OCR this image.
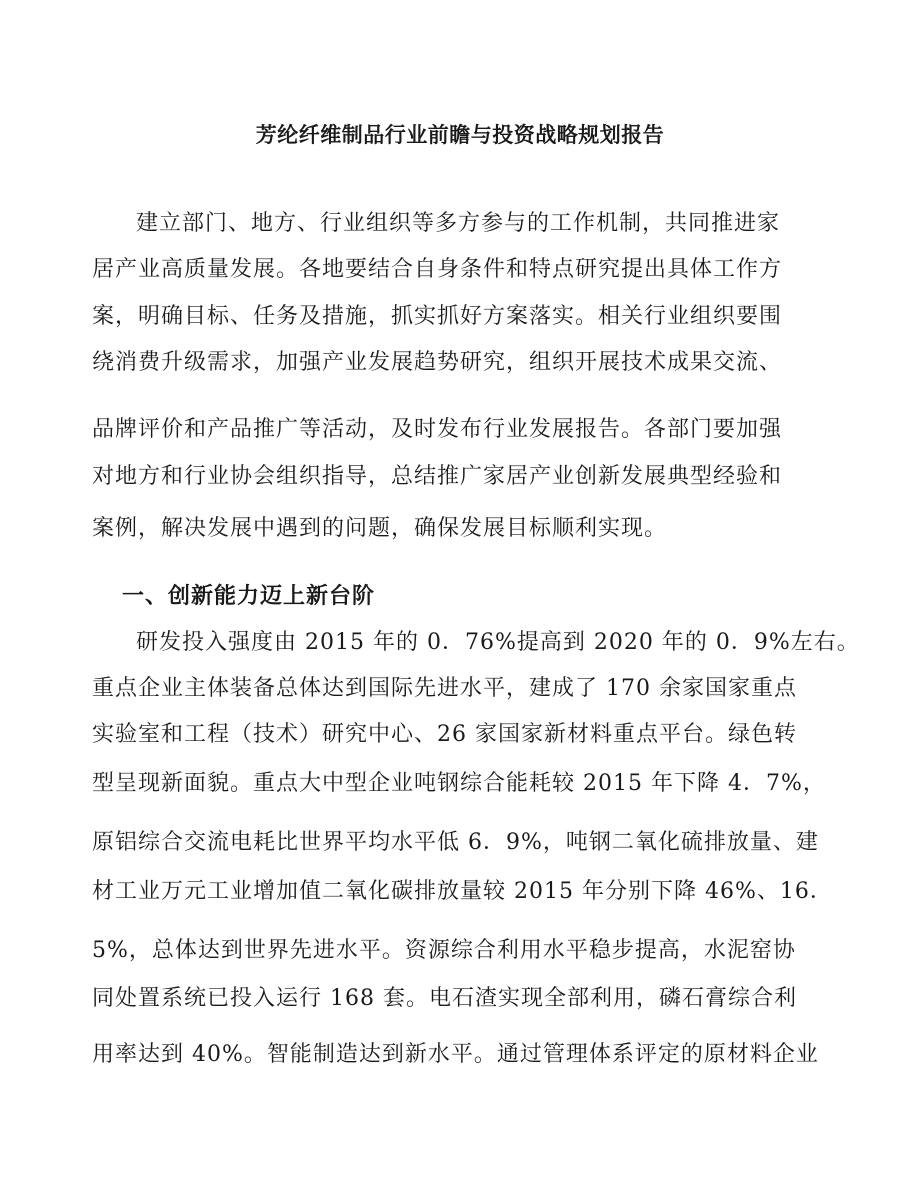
芳纶纤维制品行业前瞻与投资战略规划报告

建立部门、地方、行业组织等多方参与的工作机制，共同推进家

居产业高质量发展。各地要结合自身条件和特点研究提出具体工作方

案，明确目标、任务及措施，抓实抓好方案落实。相关行业组织要围

绕消费升级需求，加强产业发展趋势研究，组织开展技术成果交流、

品牌评价和产品推广等活动，及时发布行业发展报告。各部门要加强

对地方和行业协会组织指导，总结推广家居产业创新发展典型经验和

案例，解决发展中遇到的问题，确保发展目标顺利实现。

一、创新能力迈上新台阶

研发投入强度由 2015 年的 0．76%提高到 2020 年的 0．9%左右。

重点企业主体装备总体达到国际先进水平，建成了 170 余家国家重点

实验室和工程（技术）研究中心、26 家国家新材料重点平台。绿色转

型呈现新面貌。重点大中型企业吨钢综合能耗较 2015 年下降 4．7%，

原铝综合交流电耗比世界平均水平低 6．9%，吨钢二氧化硫排放量、建

材工业万元工业增加值二氧化碳排放量较 2015 年分别下降 46%、16．

5%，总体达到世界先进水平。资源综合利用水平稳步提高，水泥窑协

同处置系统已投入运行 168 套。电石渣实现全部利用，磷石膏综合利

用率达到 40%。智能制造达到新水平。通过管理体系评定的原材料企业
